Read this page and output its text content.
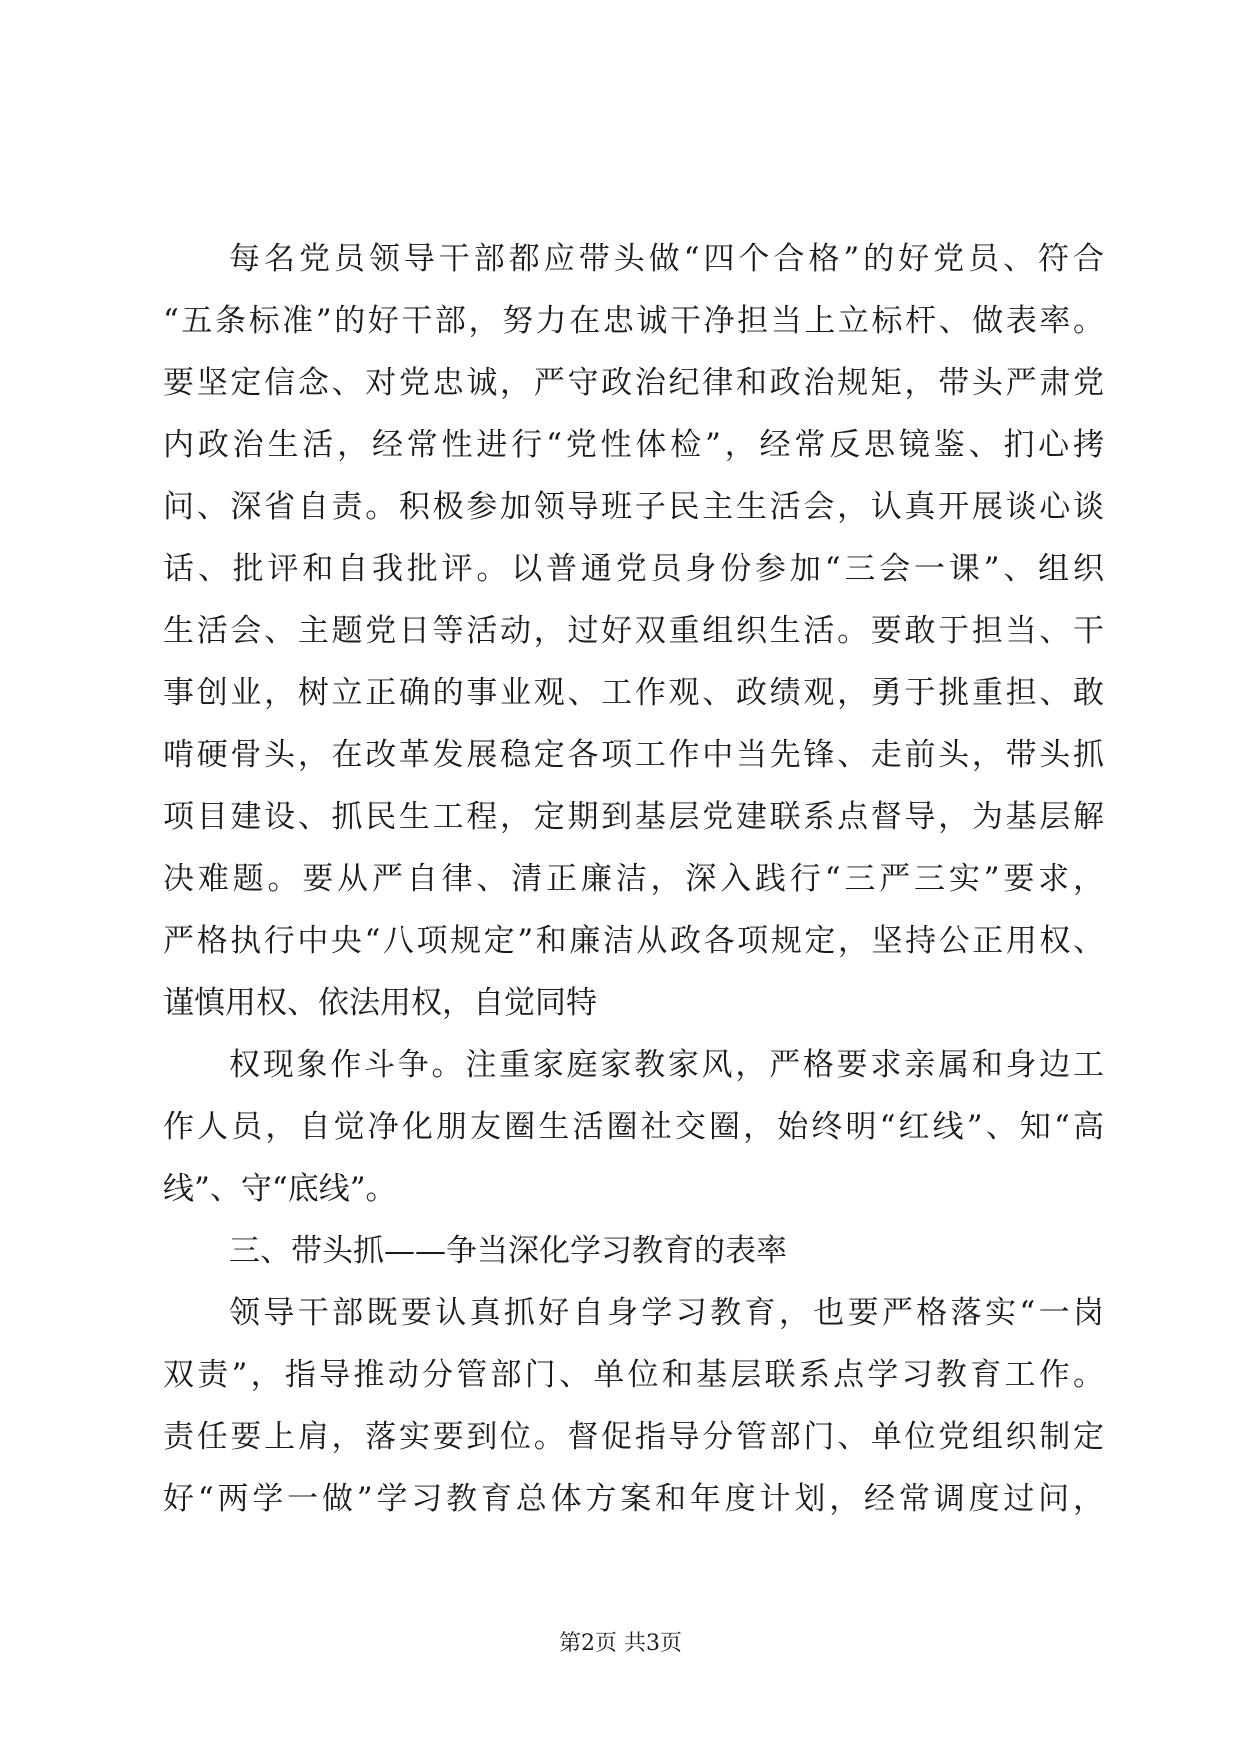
每名党员领导干部都应带头做“四个合格”的好党员、符合
“五条标准”的好干部，努力在忠诚干净担当上立标杆、做表率。
要坚定信念、对党忠诚，严守政治纪律和政治规矩，带头严肃党
内政治生活，经常性进行“党性体检”，经常反思镜鉴、扪心拷
问、深省自责。积极参加领导班子民主生活会，认真开展谈心谈
话、批评和自我批评。以普通党员身份参加“三会一课”、组织
生活会、主题党日等活动，过好双重组织生活。要敢于担当、干
事创业，树立正确的事业观、工作观、政绩观，勇于挑重担、敢
啃硬骨头，在改革发展稳定各项工作中当先锋、走前头，带头抓
项目建设、抓民生工程，定期到基层党建联系点督导，为基层解
决难题。要从严自律、清正廉洁，深入践行“三严三实”要求，
严格执行中央“八项规定”和廉洁从政各项规定，坚持公正用权、
谨慎用权、依法用权，自觉同特
权现象作斗争。注重家庭家教家风，严格要求亲属和身边工
作人员，自觉净化朋友圈生活圈社交圈，始终明“红线”、知“高
线”、守“底线”。
三、带头抓——争当深化学习教育的表率
领导干部既要认真抓好自身学习教育，也要严格落实“一岗
双责”，指导推动分管部门、单位和基层联系点学习教育工作。
责任要上肩，落实要到位。督促指导分管部门、单位党组织制定
好“两学一做”学习教育总体方案和年度计划，经常调度过问，
第2页 共3页
